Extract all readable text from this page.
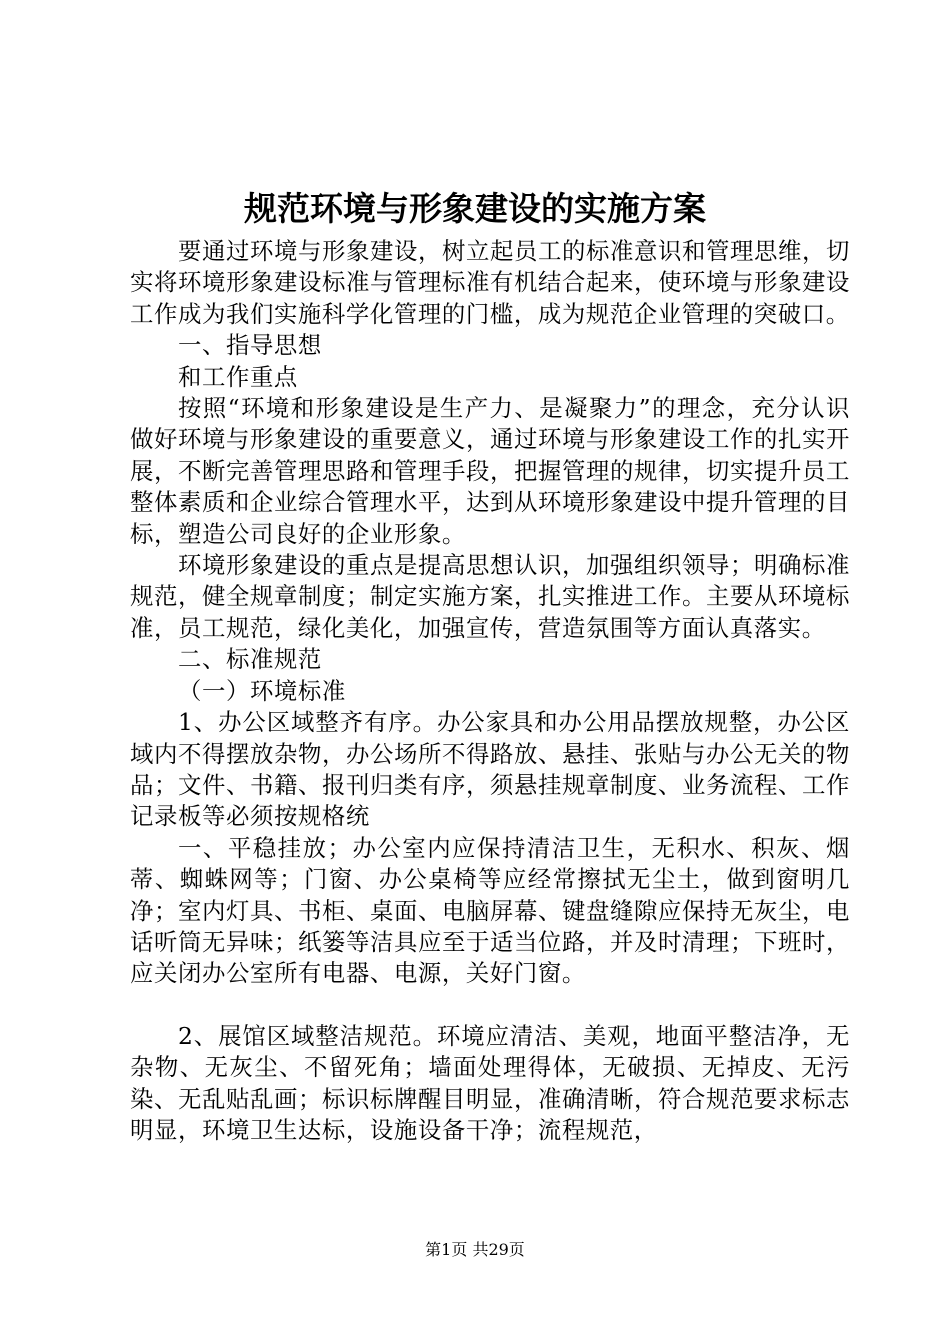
规范环境与形象建设的实施方案

要通过环境与形象建设，树立起员工的标准意识和管理思维，切实将环境形象建设标准与管理标准有机结合起来，使环境与形象建设工作成为我们实施科学化管理的门槛，成为规范企业管理的突破口。

一、指导思想

和工作重点

按照“环境和形象建设是生产力、是凝聚力”的理念，充分认识做好环境与形象建设的重要意义，通过环境与形象建设工作的扎实开展，不断完善管理思路和管理手段，把握管理的规律，切实提升员工整体素质和企业综合管理水平，达到从环境形象建设中提升管理的目标，塑造公司良好的企业形象。

环境形象建设的重点是提高思想认识，加强组织领导；明确标准规范，健全规章制度；制定实施方案，扎实推进工作。主要从环境标准，员工规范，绿化美化，加强宣传，营造氛围等方面认真落实。

二、标准规范

（一）环境标准

1、办公区域整齐有序。办公家具和办公用品摆放规整，办公区域内不得摆放杂物，办公场所不得路放、悬挂、张贴与办公无关的物品；文件、书籍、报刊归类有序，须悬挂规章制度、业务流程、工作记录板等必须按规格统

一、平稳挂放；办公室内应保持清洁卫生，无积水、积灰、烟蒂、蜘蛛网等；门窗、办公桌椅等应经常擦拭无尘土，做到窗明几净；室内灯具、书柜、桌面、电脑屏幕、键盘缝隙应保持无灰尘，电话听筒无异味；纸篓等洁具应至于适当位路，并及时清理；下班时，应关闭办公室所有电器、电源，关好门窗。

2、展馆区域整洁规范。环境应清洁、美观，地面平整洁净，无杂物、无灰尘、不留死角；墙面处理得体，无破损、无掉皮、无污染、无乱贴乱画；标识标牌醒目明显，准确清晰，符合规范要求标志明显，环境卫生达标，设施设备干净；流程规范，

第1页 共29页
